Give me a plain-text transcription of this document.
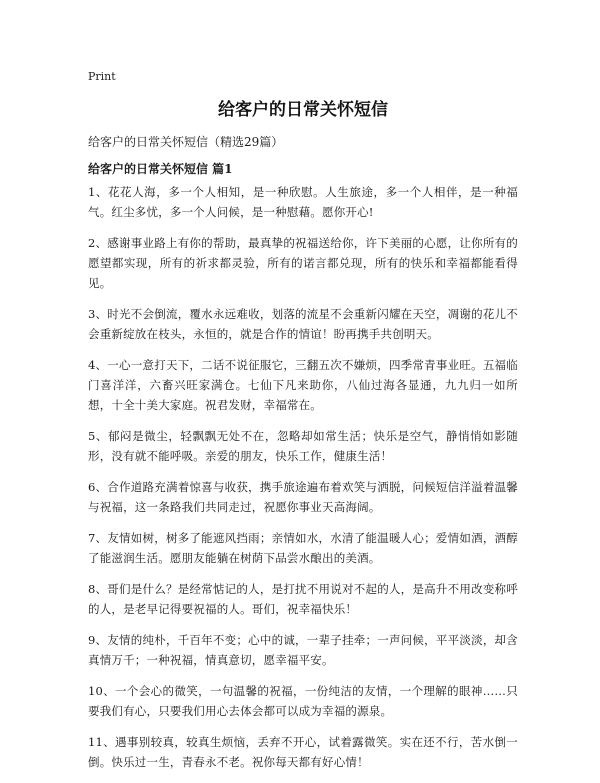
Print
给客户的日常关怀短信
给客户的日常关怀短信（精选29篇）
给客户的日常关怀短信 篇1

1、花花人海，多一个人相知，是一种欣慰。人生旅途，多一个人相伴，是一种福气。红尘多忧，多一个人问候，是一种慰藉。愿你开心!

2、感谢事业路上有你的帮助，最真挚的祝福送给你，许下美丽的心愿，让你所有的愿望都实现，所有的祈求都灵验，所有的诺言都兑现，所有的快乐和幸福都能看得见。

3、时光不会倒流，覆水永远难收，划落的流星不会重新闪耀在天空，凋谢的花儿不会重新绽放在枝头，永恒的，就是合作的情谊！盼再携手共创明天。

4、一心一意打天下，二话不说征服它，三翻五次不嫌烦，四季常青事业旺。五福临门喜洋洋，六畜兴旺家满仓。七仙下凡来助你，八仙过海各显通，九九归一如所想，十全十美大家庭。祝君发财，幸福常在。

5、郁闷是微尘，轻飘飘无处不在，忽略却如常生活；快乐是空气，静悄悄如影随形，没有就不能呼吸。亲爱的朋友，快乐工作，健康生活！

6、合作道路充满着惊喜与收获，携手旅途遍布着欢笑与洒脱，问候短信洋溢着温馨与祝福，这一条路我们共同走过，祝愿你事业天高海阔。

7、友情如树，树多了能遮风挡雨；亲情如水，水清了能温暖人心；爱情如酒，酒醇了能滋润生活。愿朋友能躺在树荫下品尝水酿出的美酒。

8、哥们是什么？是经常惦记的人，是打扰不用说对不起的人，是高升不用改变称呼的人，是老早记得要祝福的人。哥们，祝幸福快乐！

9、友情的纯朴，千百年不变；心中的诚，一辈子挂牵；一声问候，平平淡淡，却含真情万千；一种祝福，情真意切，愿幸福平安。

10、一个会心的微笑，一句温馨的祝福，一份纯洁的友情，一个理解的眼神……只要我们有心，只要我们用心去体会都可以成为幸福的源泉。

11、遇事别较真，较真生烦恼，丢弃不开心，试着露微笑。实在还不行，苦水倒一倒。快乐过一生，青春永不老。祝你每天都有好心情！
